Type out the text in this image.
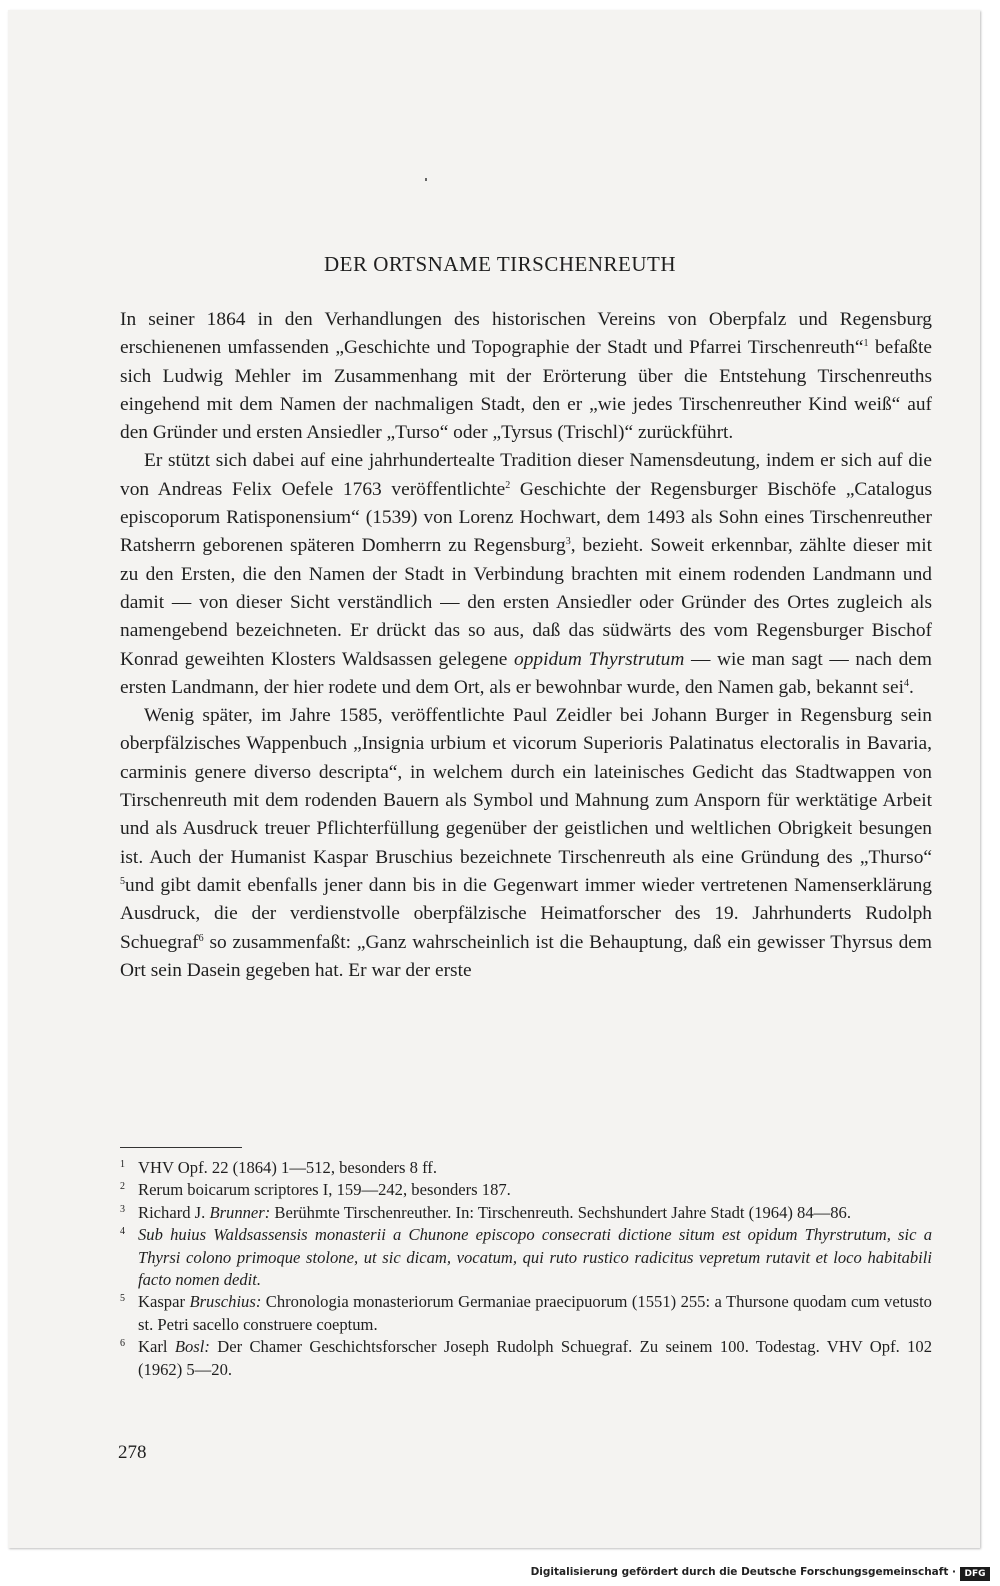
DER ORTSNAME TIRSCHENREUTH

In seiner 1864 in den Verhandlungen des historischen Vereins von Oberpfalz und Regensburg erschienenen umfassenden „Geschichte und Topographie der Stadt und Pfarrei Tirschenreuth“$^1$ befaßte sich Ludwig Mehler im Zusammenhang mit der Erörterung über die Entstehung Tirschenreuths eingehend mit dem Namen der nachmaligen Stadt, den er „wie jedes Tirschenreuther Kind weiß“ auf den Gründer und ersten Ansiedler „Turso“ oder „Tyrsus (Trischl)“ zurückführt.

Er stützt sich dabei auf eine jahrhundertealte Tradition dieser Namensdeutung, indem er sich auf die von Andreas Felix Oefele 1763 veröffentlichte$^2$ Geschichte der Regensburger Bischöfe „Catalogus episcoporum Ratisponensium“ (1539) von Lorenz Hochwart, dem 1493 als Sohn eines Tirschenreuther Ratsherrn geborenen späteren Domherrn zu Regensburg$^3$, bezieht. Soweit erkennbar, zählte dieser mit zu den Ersten, die den Namen der Stadt in Verbindung brachten mit einem rodenden Landmann und damit — von dieser Sicht verständlich — den ersten Ansiedler oder Gründer des Ortes zugleich als namengebend bezeichneten. Er drückt das so aus, daß das südwärts des vom Regensburger Bischof Konrad geweihten Klosters Waldsassen gelegene oppidum Thyrstrutum — wie man sagt — nach dem ersten Landmann, der hier rodete und dem Ort, als er bewohnbar wurde, den Namen gab, bekannt sei$^4$.

Wenig später, im Jahre 1585, veröffentlichte Paul Zeidler bei Johann Burger in Regensburg sein oberpfälzisches Wappenbuch „Insignia urbium et vicorum Superioris Palatinatus electoralis in Bavaria, carminis genere diverso descripta“, in welchem durch ein lateinisches Gedicht das Stadtwappen von Tirschenreuth mit dem rodenden Bauern als Symbol und Mahnung zum Ansporn für werktätige Arbeit und als Ausdruck treuer Pflichterfüllung gegenüber der geistlichen und weltlichen Obrigkeit besungen ist. Auch der Humanist Kaspar Bruschius bezeichnete Tirschenreuth als eine Gründung des „Thurso“ $^5$und gibt damit ebenfalls jener dann bis in die Gegenwart immer wieder vertretenen Namenserklärung Ausdruck, die der verdienstvolle oberpfälzische Heimatforscher des 19. Jahrhunderts Rudolph Schuegraf$^6$ so zusammenfaßt: „Ganz wahrscheinlich ist die Behauptung, daß ein gewisser Thyrsus dem Ort sein Dasein gegeben hat. Er war der erste

1 VHV Opf. 22 (1864) 1—512, besonders 8 ff.

2 Rerum boicarum scriptores I, 159—242, besonders 187.

3 Richard J. Brunner: Berühmte Tirschenreuther. In: Tirschenreuth. Sechshundert Jahre Stadt (1964) 84—86.

4 Sub huius Waldsassensis monasterii a Chunone episcopo consecrati dictione situm est opidum Thyrstrutum, sic a Thyrsi colono primoque stolone, ut sic dicam, vocatum, qui ruto rustico radicitus vepretum rutavit et loco habitabili facto nomen dedit.

5 Kaspar Bruschius: Chronologia monasteriorum Germaniae praecipuorum (1551) 255: a Thursone quodam cum vetusto st. Petri sacello construere coeptum.

6 Karl Bosl: Der Chamer Geschichtsforscher Joseph Rudolph Schuegraf. Zu seinem 100. Todestag. VHV Opf. 102 (1962) 5—20.

278
Digitalisierung gefördert durch die Deutsche Forschungsgemeinschaft · DFG
